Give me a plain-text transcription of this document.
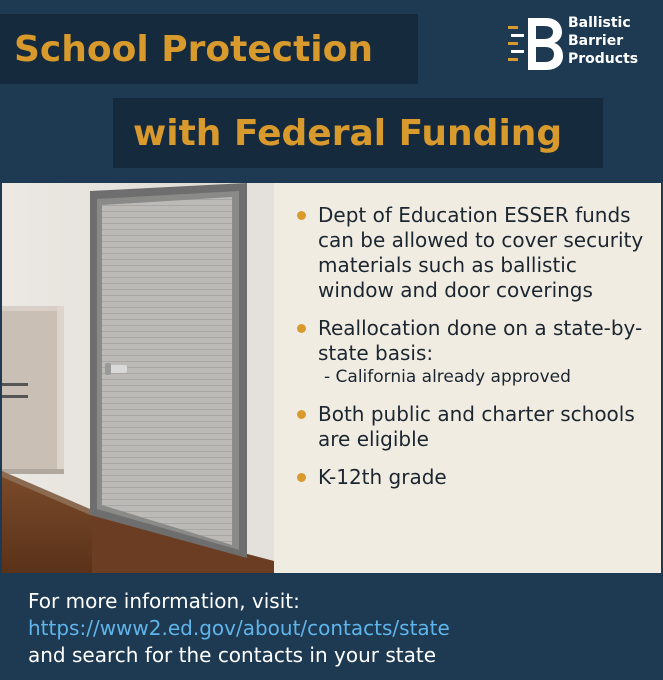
School Protection
with Federal Funding
Ballistic
Barrier
Products
Dept of Education ESSER funds can be allowed to cover security materials such as ballistic window and door coverings
Reallocation done on a state-by-state basis:
- California already approved
Both public and charter schools are eligible
K-12th grade
For more information, visit:
https://www2.ed.gov/about/contacts/state
and search for the contacts in your state
